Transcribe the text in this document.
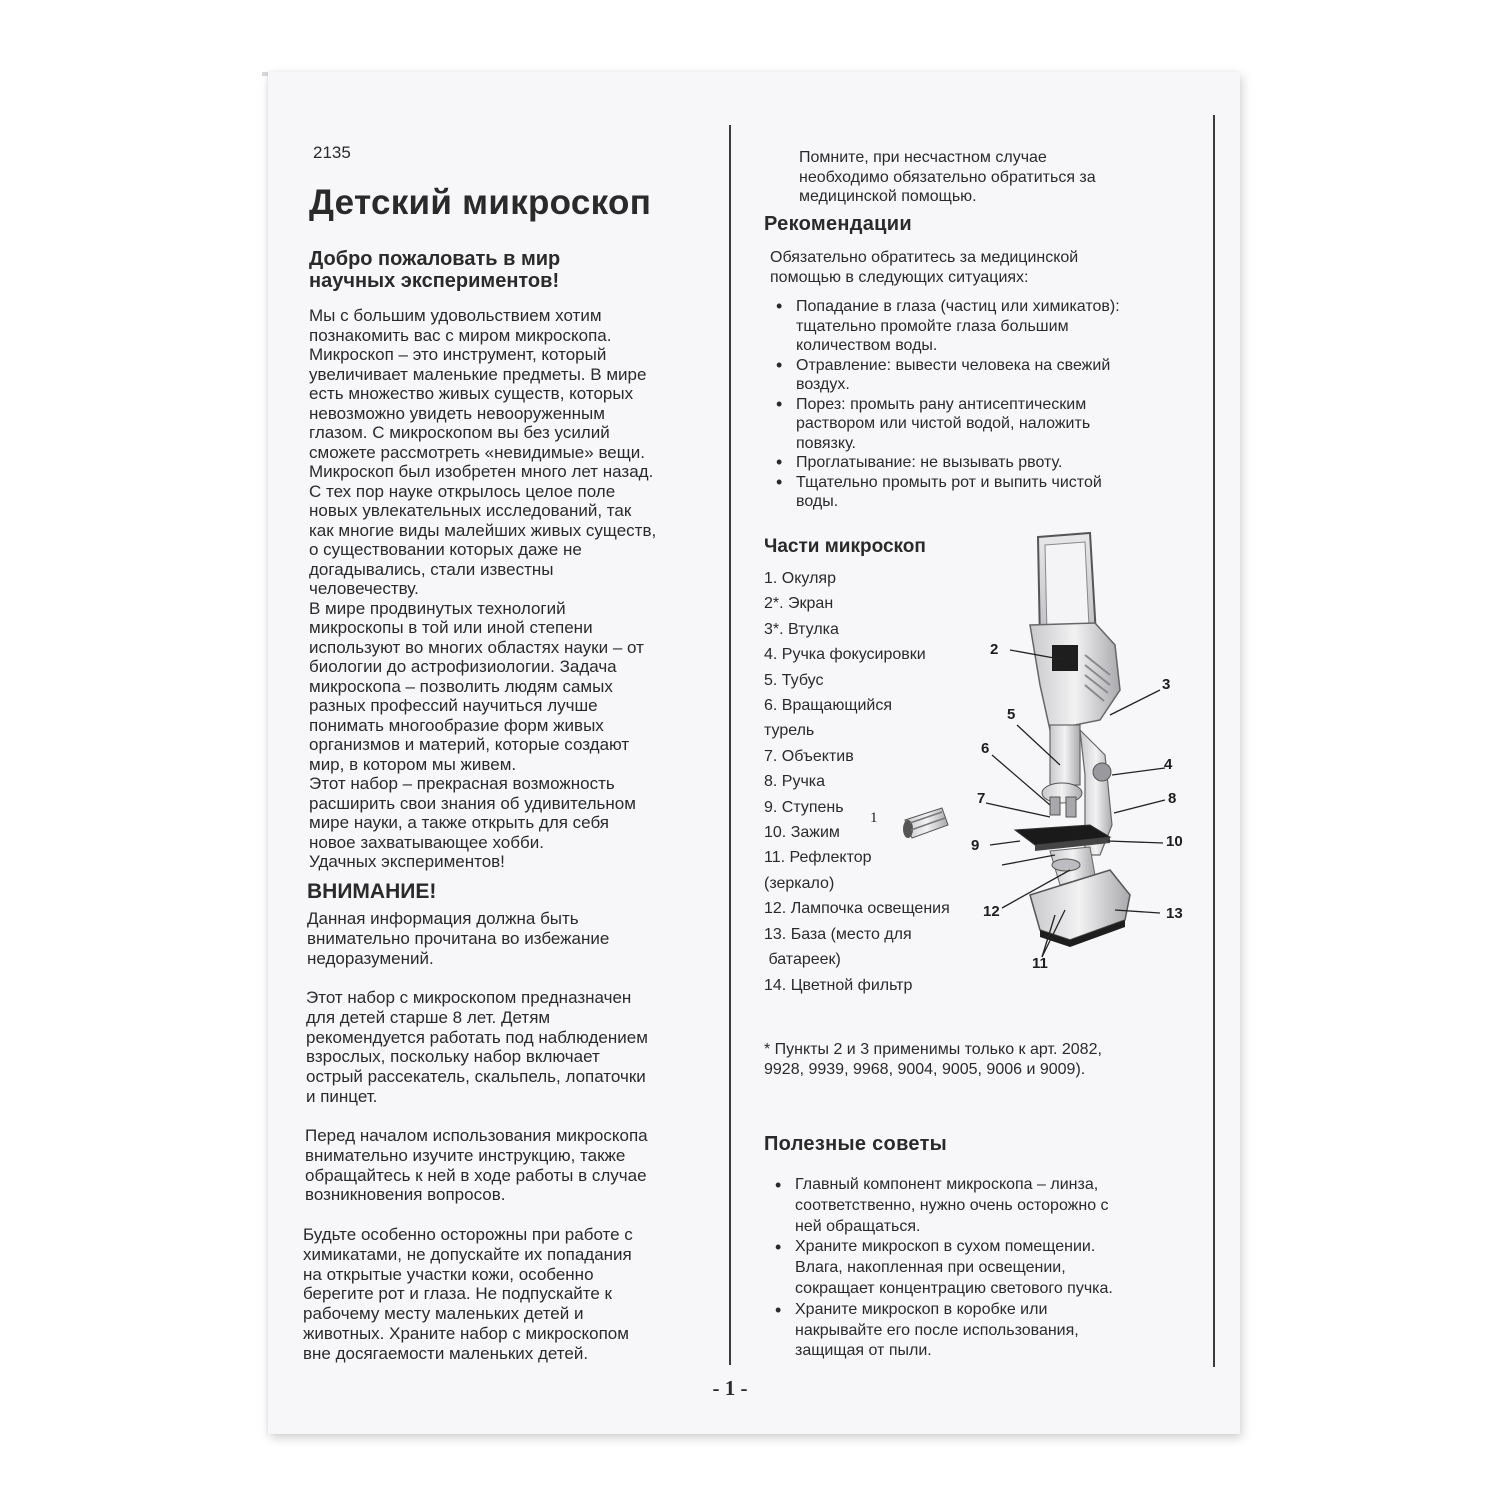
2135
Детский микроскоп
Добро пожаловать в мир
научных экспериментов!
Мы с большим удовольствием хотим
познакомить вас с миром микроскопа.
Микроскоп – это инструмент, который
увеличивает маленькие предметы. В мире
есть множество живых существ, которых
невозможно увидеть невооруженным
глазом. С микроскопом вы без усилий
сможете рассмотреть «невидимые» вещи.
Микроскоп был изобретен много лет назад.
С тех пор науке открылось целое поле
новых увлекательных исследований, так
как многие виды малейших живых существ,
о существовании которых даже не
догадывались, стали известны
человечеству.
В мире продвинутых технологий
микроскопы в той или иной степени
используют во многих областях науки – от
биологии до астрофизиологии. Задача
микроскопа – позволить людям самых
разных профессий научиться лучше
понимать многообразие форм живых
организмов и материй, которые создают
мир, в котором мы живем.
Этот набор – прекрасная возможность
расширить свои знания об удивительном
мире науки, а также открыть для себя
новое захватывающее хобби.
Удачных экспериментов!
ВНИМАНИЕ!
Данная информация должна быть
внимательно прочитана во избежание
недоразумений.
Этот набор с микроскопом предназначен
для детей старше 8 лет. Детям
рекомендуется работать под наблюдением
взрослых, поскольку набор включает
острый рассекатель, скальпель, лопаточки
и пинцет.
Перед началом использования микроскопа
внимательно изучите инструкцию, также
обращайтесь к ней в ходе работы в случае
возникновения вопросов.
Будьте особенно осторожны при работе с
химикатами, не допускайте их попадания
на открытые участки кожи, особенно
берегите рот и глаза. Не подпускайте к
рабочему месту маленьких детей и
животных. Храните набор с микроскопом
вне досягаемости маленьких детей.
Помните, при несчастном случае
необходимо обязательно обратиться за
медицинской помощью.
Рекомендации
Обязательно обратитесь за медицинской
помощью в следующих ситуациях:
• Попадание в глаза (частиц или химикатов):
тщательно промойте глаза большим
количеством воды.
• Отравление: вывести человека на свежий
воздух.
• Порез: промыть рану антисептическим
раствором или чистой водой, наложить
повязку.
• Проглатывание: не вызывать рвоту.
• Тщательно промыть рот и выпить чистой
воды.
Части микроскоп
1. Окуляр
2*. Экран
3*. Втулка
4. Ручка фокусировки
5. Тубус
6. Вращающийся
турель
7. Объектив
8. Ручка
9. Ступень
10. Зажим
11. Рефлектор
(зеркало)
12. Лампочка освещения
13. База (место для
батареек)
14. Цветной фильтр
1
2
3
4
5
6
7	8
9	10
11
12	13
* Пункты 2 и 3 применимы только к арт. 2082,
9928, 9939, 9968, 9004, 9005, 9006 и 9009).
Полезные советы
• Главный компонент микроскопа – линза,
соответственно, нужно очень осторожно с
ней обращаться.
• Храните микроскоп в сухом помещении.
Влага, накопленная при освещении,
сокращает концентрацию светового пучка.
• Храните микроскоп в коробке или
накрывайте его после использования,
защищая от пыли.
- 1 -
